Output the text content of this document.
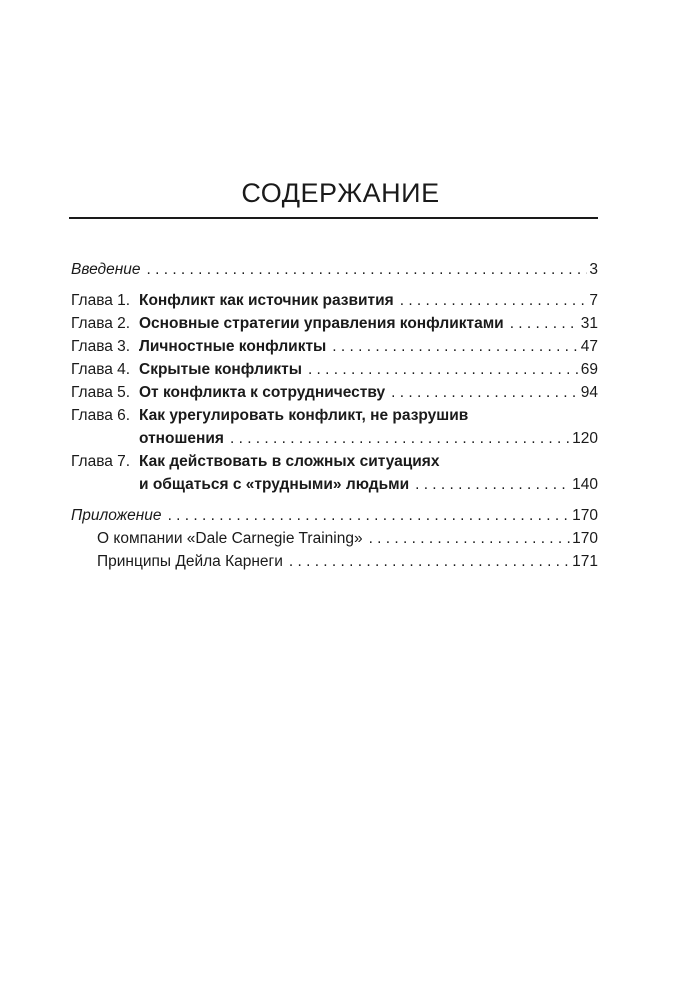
СОДЕРЖАНИЕ
Введение .....	3
Глава 1. Конфликт как источник развития .....	7
Глава 2. Основные стратегии управления конфликтами .....	31
Глава 3. Личностные конфликты .....	47
Глава 4. Скрытые конфликты .....	69
Глава 5. От конфликта к сотрудничеству .....	94
Глава 6. Как урегулировать конфликт, не разрушив
отношения .....	120
Глава 7. Как действовать в сложных ситуациях
и общаться с «трудными» людьми .....	140
Приложение .....	170
О компании «Dale Carnegie Training» .....	170
Принципы Дейла Карнеги .....	171
